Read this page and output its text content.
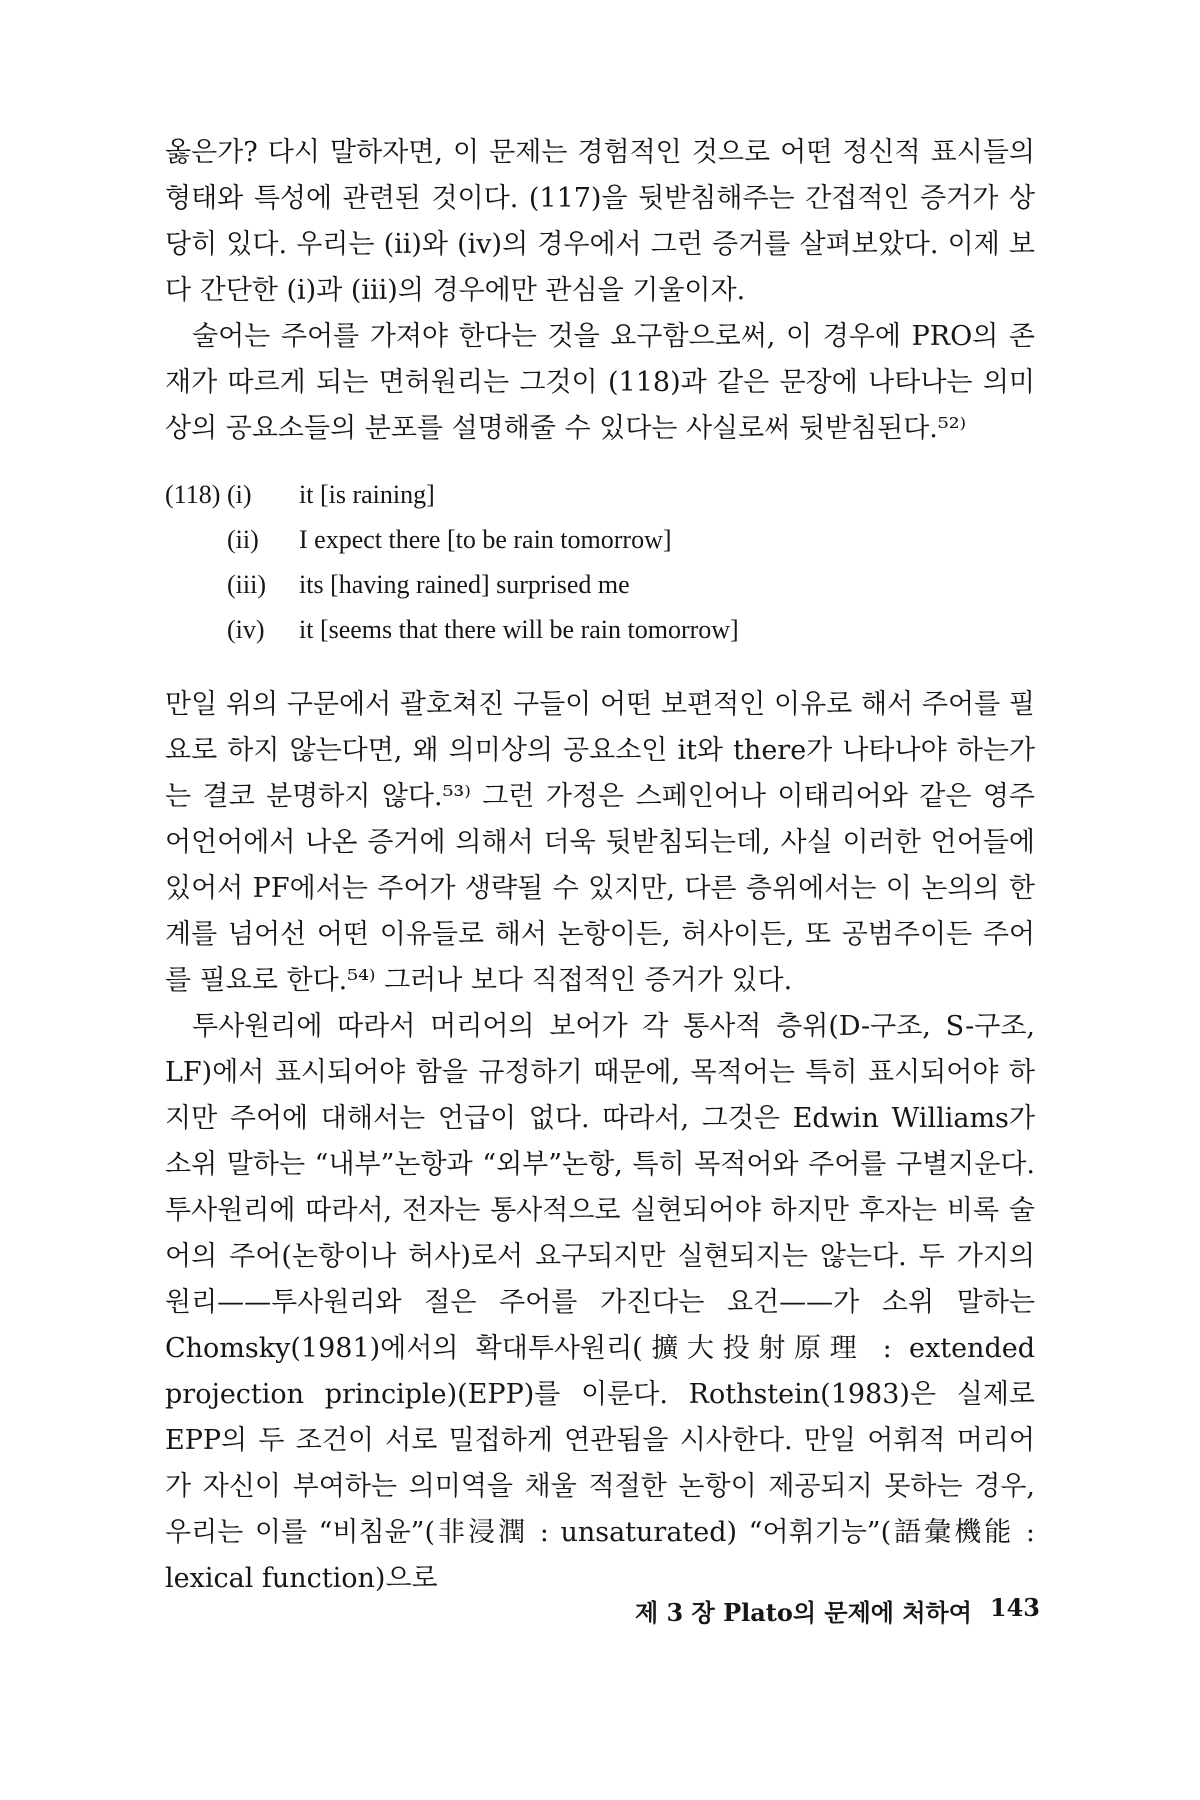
옳은가? 다시 말하자면, 이 문제는 경험적인 것으로 어떤 정신적 표시들의 형태와 특성에 관련된 것이다. (117)을 뒷받침해주는 간접적인 증거가 상당히 있다. 우리는 (ii)와 (iv)의 경우에서 그런 증거를 살펴보았다. 이제 보다 간단한 (i)과 (iii)의 경우에만 관심을 기울이자.

술어는 주어를 가져야 한다는 것을 요구함으로써, 이 경우에 PRO의 존재가 따르게 되는 면허원리는 그것이 (118)과 같은 문장에 나타나는 의미상의 공요소들의 분포를 설명해줄 수 있다는 사실로써 뒷받침된다.⁵²⁾

(118) (i)	it [is raining]
(ii)	I expect there [to be rain tomorrow]
(iii)	its [having rained] surprised me
(iv)	it [seems that there will be rain tomorrow]

만일 위의 구문에서 괄호쳐진 구들이 어떤 보편적인 이유로 해서 주어를 필요로 하지 않는다면, 왜 의미상의 공요소인 it와 there가 나타나야 하는가는 결코 분명하지 않다.⁵³⁾ 그런 가정은 스페인어나 이태리어와 같은 영주어언어에서 나온 증거에 의해서 더욱 뒷받침되는데, 사실 이러한 언어들에 있어서 PF에서는 주어가 생략될 수 있지만, 다른 층위에서는 이 논의의 한계를 넘어선 어떤 이유들로 해서 논항이든, 허사이든, 또 공범주이든 주어를 필요로 한다.⁵⁴⁾ 그러나 보다 직접적인 증거가 있다.

투사원리에 따라서 머리어의 보어가 각 통사적 층위(D-구조, S-구조, LF)에서 표시되어야 함을 규정하기 때문에, 목적어는 특히 표시되어야 하지만 주어에 대해서는 언급이 없다. 따라서, 그것은 Edwin Williams가 소위 말하는 “내부”논항과 “외부”논항, 특히 목적어와 주어를 구별지운다. 투사원리에 따라서, 전자는 통사적으로 실현되어야 하지만 후자는 비록 술어의 주어(논항이나 허사)로서 요구되지만 실현되지는 않는다. 두 가지의 원리——투사원리와 절은 주어를 가진다는 요건——가 소위 말하는 Chomsky(1981)에서의 확대투사원리(擴大投射原理 : extended projection principle)(EPP)를 이룬다. Rothstein(1983)은 실제로 EPP의 두 조건이 서로 밀접하게 연관됨을 시사한다. 만일 어휘적 머리어가 자신이 부여하는 의미역을 채울 적절한 논항이 제공되지 못하는 경우, 우리는 이를 “비침윤”(非浸潤 : unsaturated) “어휘기능”(語彙機能 : lexical function)으로

제 3 장 Plato의 문제에 처하여 143
